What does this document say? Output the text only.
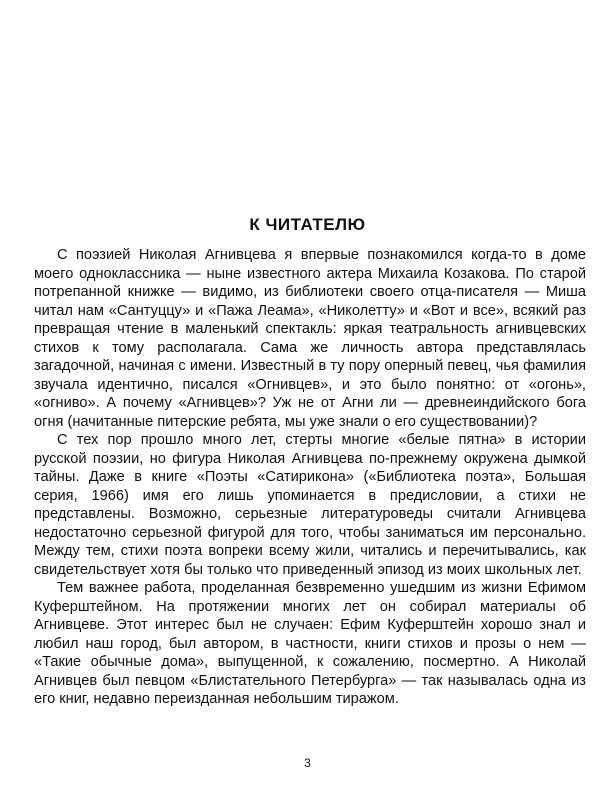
К ЧИТАТЕЛЮ

С поэзией Николая Агнивцева я впервые познакомился когда-то в доме моего одноклассника — ныне известного актера Михаила Козакова. По старой потрепанной книжке — видимо, из библиотеки своего отца-писателя — Миша читал нам «Сантуццу» и «Пажа Леама», «Николетту» и «Вот и все», всякий раз превращая чтение в маленький спектакль: яркая театральность агнивцевских стихов к тому располагала. Сама же личность автора представлялась загадочной, начиная с имени. Известный в ту пору оперный певец, чья фамилия звучала идентично, писался «Огнивцев», и это было понятно: от «огонь», «огниво». А почему «Агнивцев»? Уж не от Агни ли — древнеиндийского бога огня (начитанные питерские ребята, мы уже знали о его существовании)?

С тех пор прошло много лет, стерты многие «белые пятна» в истории русской поэзии, но фигура Николая Агнивцева по-прежнему окружена дымкой тайны. Даже в книге «Поэты «Сатирикона» («Библиотека поэта», Большая серия, 1966) имя его лишь упоминается в предисловии, а стихи не представлены. Возможно, серьезные литературоведы считали Агнивцева недостаточно серьезной фигурой для того, чтобы заниматься им персонально. Между тем, стихи поэта вопреки всему жили, читались и перечитывались, как свидетельствует хотя бы только что приведенный эпизод из моих школьных лет.

Тем важнее работа, проделанная безвременно ушедшим из жизни Ефимом Куферштейном. На протяжении многих лет он собирал материалы об Агнивцеве. Этот интерес был не случаен: Ефим Куферштейн хорошо знал и любил наш город, был автором, в частности, книги стихов и прозы о нем — «Такие обычные дома», выпущенной, к сожалению, посмертно. А Николай Агнивцев был певцом «Блистательного Петербурга» — так называлась одна из его книг, недавно переизданная небольшим тиражом.

3
